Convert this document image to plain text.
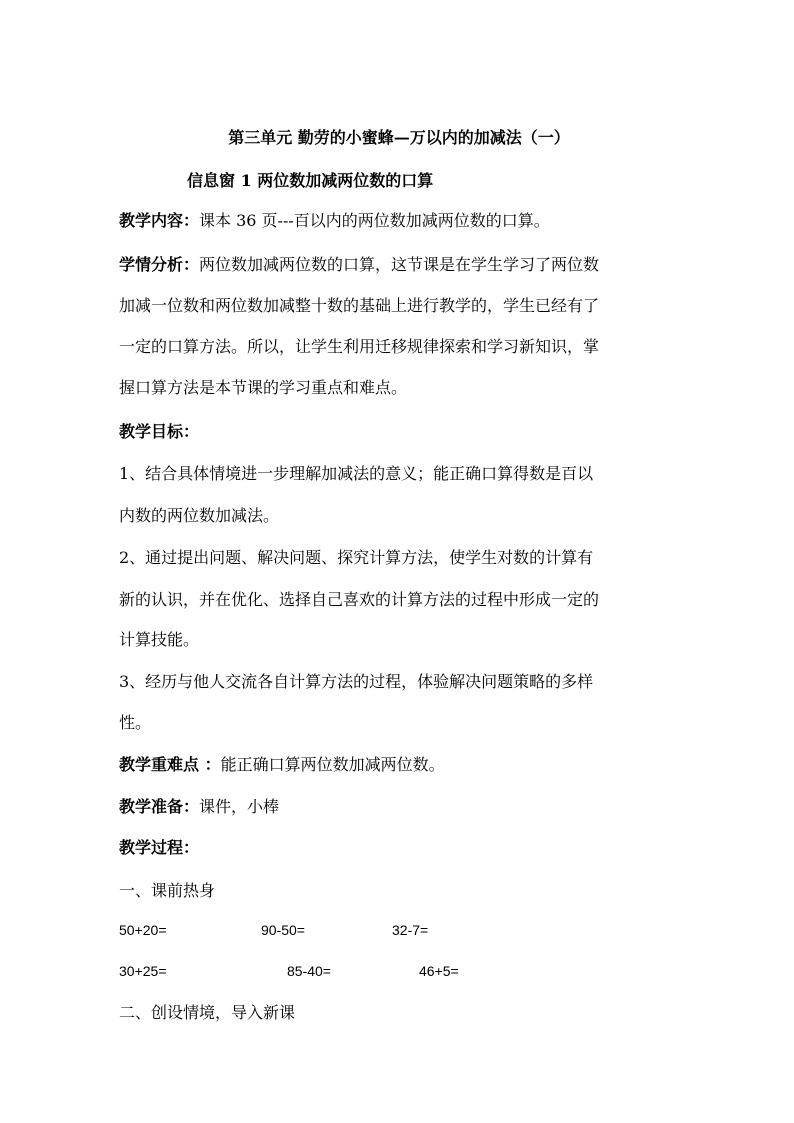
第三单元 勤劳的小蜜蜂—万以内的加减法（一）
信息窗 1 两位数加减两位数的口算
教学内容：课本 36 页---百以内的两位数加减两位数的口算。
学情分析：两位数加减两位数的口算，这节课是在学生学习了两位数
加减一位数和两位数加减整十数的基础上进行教学的，学生已经有了
一定的口算方法。所以，让学生利用迁移规律探索和学习新知识，掌
握口算方法是本节课的学习重点和难点。
教学目标：
1、结合具体情境进一步理解加减法的意义；能正确口算得数是百以
内数的两位数加减法。
2、通过提出问题、解决问题、探究计算方法，使学生对数的计算有
新的认识，并在优化、选择自己喜欢的计算方法的过程中形成一定的
计算技能。
3、经历与他人交流各自计算方法的过程，体验解决问题策略的多样
性。
教学重难点 ：能正确口算两位数加减两位数。
教学准备：课件，小棒
教学过程：
一、课前热身
50+20=	90-50=	32-7=
30+25=	85-40=	46+5=
二、创设情境，导入新课
